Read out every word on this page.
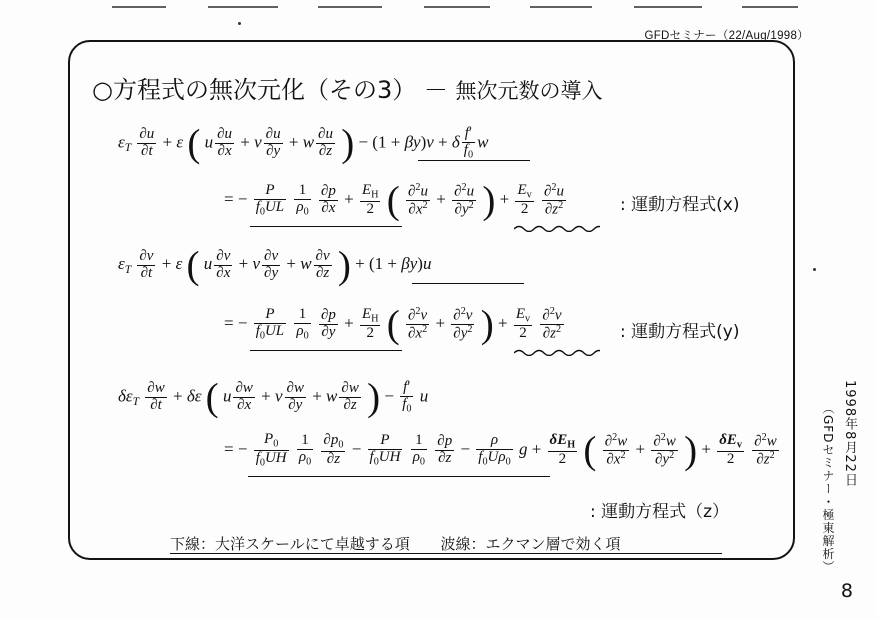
GFDセミナー（22/Aug/1998）
○方程式の無次元化（その3） － 無次元数の導入
$\varepsilon_T \frac{\partial u}{\partial t} + \varepsilon$ ( u $\frac{\partial u}{\partial x} + v \frac{\partial u}{\partial y} + w \frac{\partial u}{\partial z}$ ) − (1 + βy)v + δ $\frac{f'}{f_0}$ w
= − $\frac{P}{f_0UL}$
$\frac{1}{\rho_0}$
$\frac{\partial p}{\partial x} + \frac{E_H}{2}$ ( $\frac{\partial^2u}{\partial x^2} + \frac{\partial^2u}{\partial y^2}$ ) + $\frac{E_v}{2}$
$\frac{\partial^2u}{\partial z^2}$	: 運動方程式(x)
$\varepsilon_T \frac{\partial v}{\partial t} + \varepsilon$ ( u $\frac{\partial v}{\partial x} + v \frac{\partial v}{\partial y} + w \frac{\partial v}{\partial z}$ ) + (1 + βy)u
= − $\frac{P}{f_0UL}$
$\frac{1}{\rho_0}$
$\frac{\partial p}{\partial y} + \frac{E_H}{2}$ ( $\frac{\partial^2v}{\partial x^2} + \frac{\partial^2v}{\partial y^2}$ ) + $\frac{E_v}{2}$
$\frac{\partial^2v}{\partial z^2}$	: 運動方程式(y)
$\delta\varepsilon_T \frac{\partial w}{\partial t} + \delta\varepsilon$ ( u $\frac{\partial w}{\partial x} + v \frac{\partial w}{\partial y} + w \frac{\partial w}{\partial z}$ ) − $\frac{f'}{f_0}$ u
= − $\frac{P_0}{f_0UH}$
$\frac{1}{\rho_0}$
$\frac{\partial p_0}{\partial z} - \frac{P}{f_0UH}$
$\frac{1}{\rho_0}$
$\frac{\partial p}{\partial z} - \frac{\rho}{f_0U\rho_0}$ $g + \frac{\delta E_H}{2}$ ( $\frac{\partial^2w}{\partial x^2} + \frac{\partial^2w}{\partial y^2}$ ) + $\frac{\delta E_v}{2}$
$\frac{\partial^2w}{\partial z^2}$
: 運動方程式（z）
下線：大洋スケールにて卓越する項 波線：エクマン層で効く項
1998年8月22日
（GFDセミナー・極東解析）
8
